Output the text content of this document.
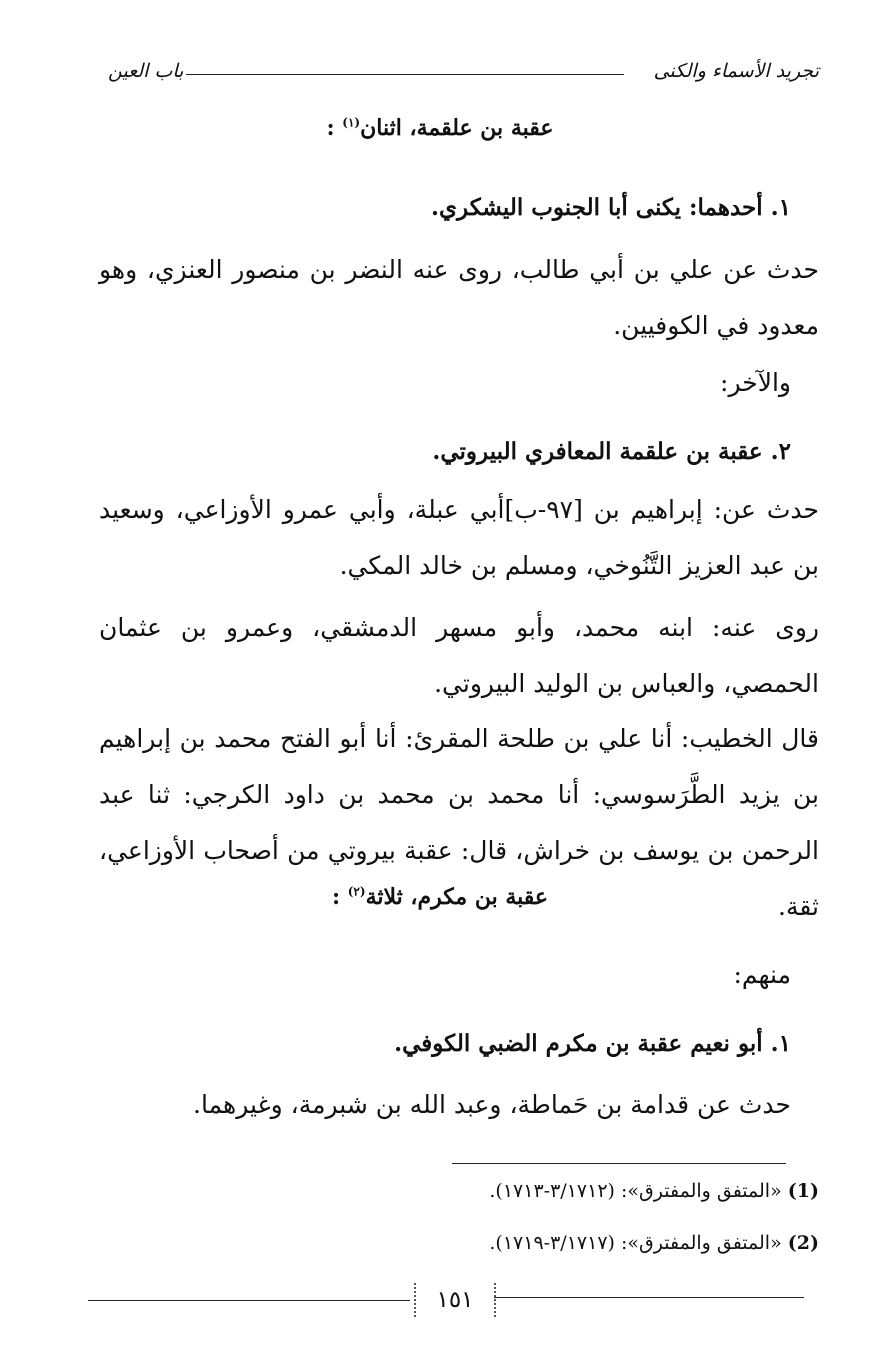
باب العين	تجريد الأسماء والكنى
عقبة بن علقمة، اثنان$^{(١)}$ :
١. أحدهما: يكنى أبا الجنوب اليشكري.
حدث عن علي بن أبي طالب، روى عنه النضر بن منصور العنزي، وهو معدود في الكوفيين.
والآخر:
٢. عقبة بن علقمة المعافري البيروتي.
حدث عن: إبراهيم بن [٩٧-ب]أبي عبلة، وأبي عمرو الأوزاعي، وسعيد بن عبد العزيز التَّنُوخي، ومسلم بن خالد المكي.
روى عنه: ابنه محمد، وأبو مسهر الدمشقي، وعمرو بن عثمان الحمصي، والعباس بن الوليد البيروتي.
قال الخطيب: أنا علي بن طلحة المقرئ: أنا أبو الفتح محمد بن إبراهيم بن يزيد الطَّرَسوسي: أنا محمد بن محمد بن داود الكرجي: ثنا عبد الرحمن بن يوسف بن خراش، قال: عقبة بيروتي من أصحاب الأوزاعي، ثقة.
عقبة بن مكرم، ثلاثة$^{(٢)}$ :
منهم:
١. أبو نعيم عقبة بن مكرم الضبي الكوفي.
حدث عن قدامة بن حَماطة، وعبد الله بن شبرمة، وغيرهما.
(1) «المتفق والمفترق»: (٣/١٧١٢-١٧١٣).
(2) «المتفق والمفترق»: (٣/١٧١٧-١٧١٩).
١٥١
